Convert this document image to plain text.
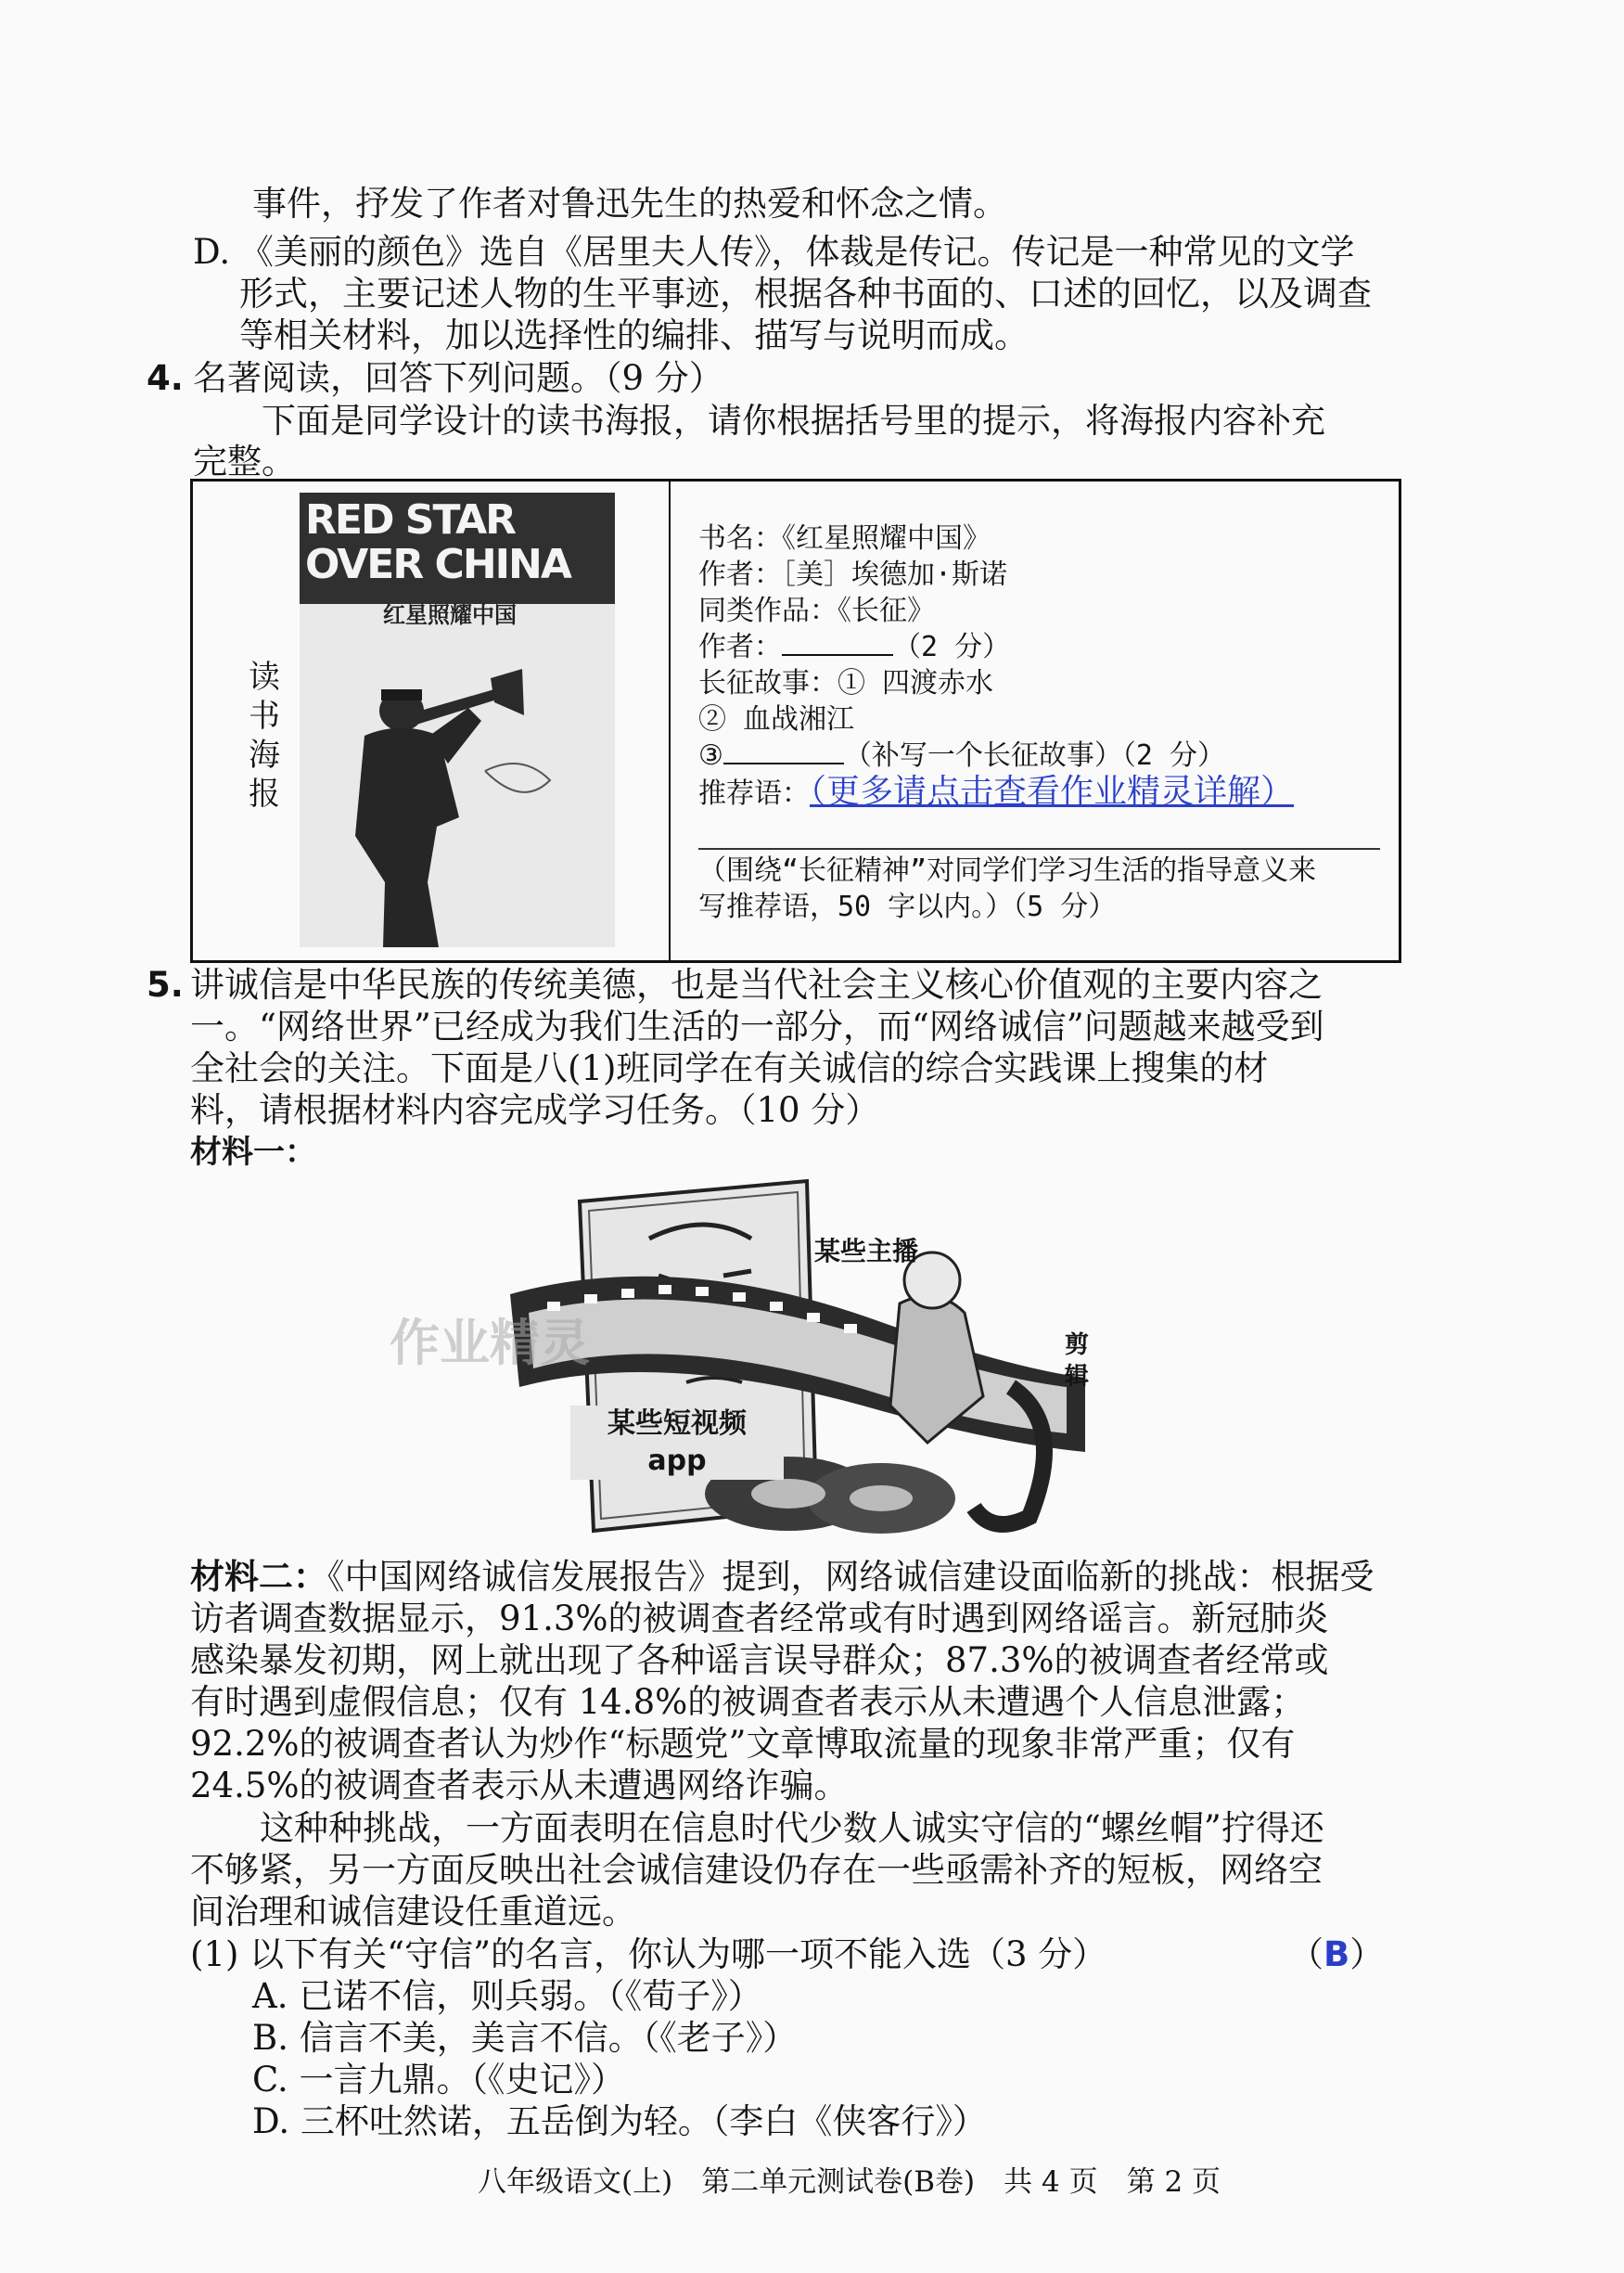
事件，抒发了作者对鲁迅先生的热爱和怀念之情。
D. 《美丽的颜色》选自《居里夫人传》，体裁是传记。传记是一种常见的文学
形式，主要记述人物的生平事迹，根据各种书面的、口述的回忆，以及调查
等相关材料，加以选择性的编排、描写与说明而成。
4. 名著阅读，回答下列问题。（9 分）
下面是同学设计的读书海报，请你根据括号里的提示，将海报内容补充
完整。
读
书
海
报
RED STAR
OVER CHINA
红星照耀中国
书名：《红星照耀中国》
作者：［美］埃德加·斯诺
同类作品：《长征》
作者：	（2 分）
长征故事：① 四渡赤水
② 血战湘江
③	（补写一个长征故事）（2 分）
推荐语：（更多请点击查看作业精灵详解）
（围绕“长征精神”对同学们学习生活的指导意义来
写推荐语，50 字以内。）（5 分）
5. 讲诚信是中华民族的传统美德，也是当代社会主义核心价值观的主要内容之
一。“网络世界”已经成为我们生活的一部分，而“网络诚信”问题越来越受到
全社会的关注。下面是八(1)班同学在有关诚信的综合实践课上搜集的材
料，请根据材料内容完成学习任务。（10 分）
材料一：
某些主播
剪
辑
某些短视频
app
作业精灵
材料二：《中国网络诚信发展报告》提到，网络诚信建设面临新的挑战：根据受
访者调查数据显示，91.3%的被调查者经常或有时遇到网络谣言。新冠肺炎
感染暴发初期，网上就出现了各种谣言误导群众；87.3%的被调查者经常或
有时遇到虚假信息；仅有 14.8%的被调查者表示从未遭遇个人信息泄露；
92.2%的被调查者认为炒作“标题党”文章博取流量的现象非常严重；仅有
24.5%的被调查者表示从未遭遇网络诈骗。
这种种挑战，一方面表明在信息时代少数人诚实守信的“螺丝帽”拧得还
不够紧，另一方面反映出社会诚信建设仍存在一些亟需补齐的短板，网络空
间治理和诚信建设任重道远。
(1) 以下有关“守信”的名言，你认为哪一项不能入选（3 分）	（B）
A. 已诺不信，则兵弱。（《荀子》）
B. 信言不美，美言不信。（《老子》）
C. 一言九鼎。（《史记》）
D. 三杯吐然诺，五岳倒为轻。（李白《侠客行》）
八年级语文(上)　第二单元测试卷(B卷)　共 4 页　第 2 页
